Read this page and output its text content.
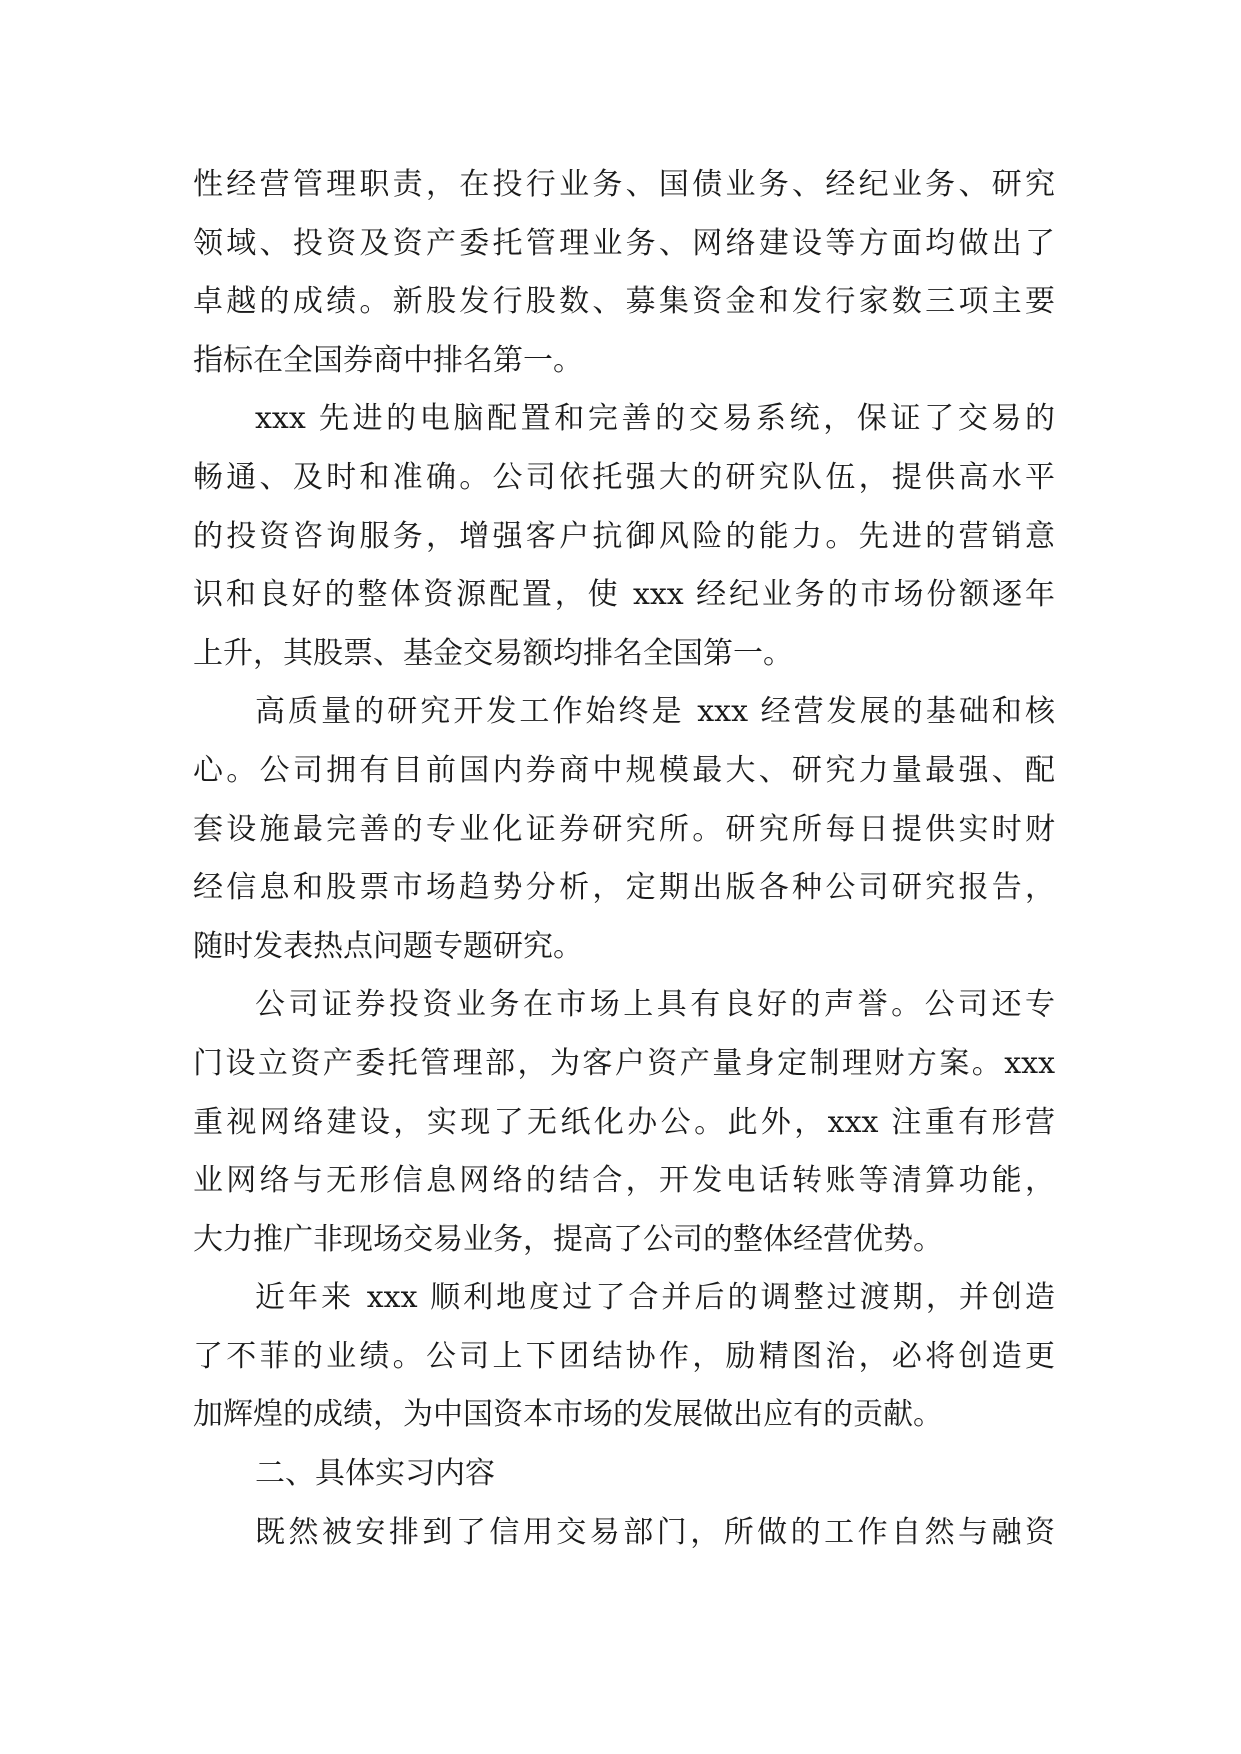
性经营管理职责，在投行业务、国债业务、经纪业务、研究
领域、投资及资产委托管理业务、网络建设等方面均做出了
卓越的成绩。新股发行股数、募集资金和发行家数三项主要
指标在全国券商中排名第一。
xxx 先进的电脑配置和完善的交易系统，保证了交易的
畅通、及时和准确。公司依托强大的研究队伍，提供高水平
的投资咨询服务，增强客户抗御风险的能力。先进的营销意
识和良好的整体资源配置，使 xxx 经纪业务的市场份额逐年
上升，其股票、基金交易额均排名全国第一。
高质量的研究开发工作始终是 xxx 经营发展的基础和核
心。公司拥有目前国内券商中规模最大、研究力量最强、配
套设施最完善的专业化证券研究所。研究所每日提供实时财
经信息和股票市场趋势分析，定期出版各种公司研究报告，
随时发表热点问题专题研究。
公司证券投资业务在市场上具有良好的声誉。公司还专
门设立资产委托管理部，为客户资产量身定制理财方案。xxx
重视网络建设，实现了无纸化办公。此外，xxx 注重有形营
业网络与无形信息网络的结合，开发电话转账等清算功能，
大力推广非现场交易业务，提高了公司的整体经营优势。
近年来 xxx 顺利地度过了合并后的调整过渡期，并创造
了不菲的业绩。公司上下团结协作，励精图治，必将创造更
加辉煌的成绩，为中国资本市场的发展做出应有的贡献。
二、具体实习内容
既然被安排到了信用交易部门，所做的工作自然与融资
